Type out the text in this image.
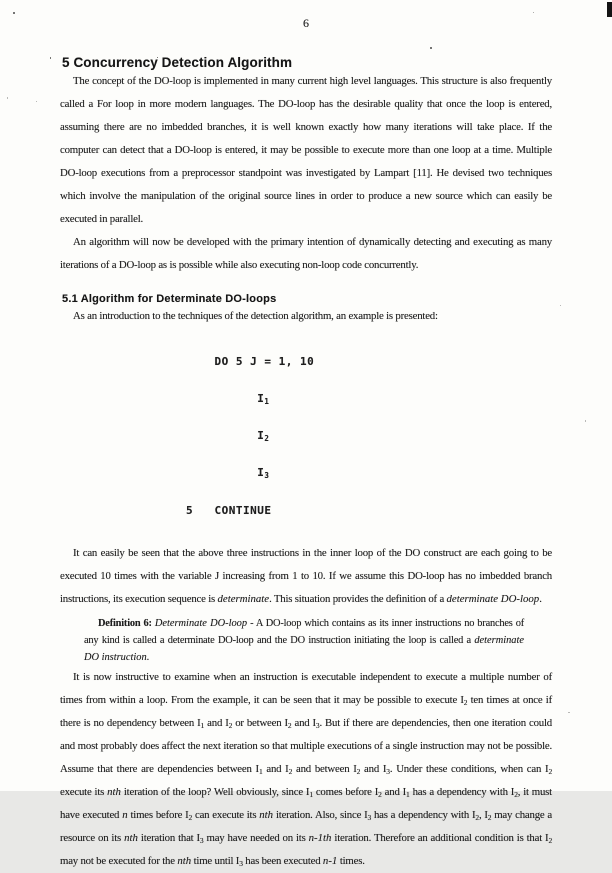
6
5 Concurrency Detection Algorithm

The concept of the DO-loop is implemented in many current high level languages. This structure is also frequently called a For loop in more modern languages. The DO-loop has the desirable quality that once the loop is entered, assuming there are no imbedded branches, it is well known exactly how many iterations will take place. If the computer can detect that a DO-loop is entered, it may be possible to execute more than one loop at a time. Multiple DO-loop executions from a preprocessor standpoint was investigated by Lampart [11]. He devised two techniques which involve the manipulation of the original source lines in order to produce a new source which can easily be executed in parallel.

An algorithm will now be developed with the primary intention of dynamically detecting and executing as many iterations of a DO-loop as is possible while also executing non-loop code concurrently.

5.1 Algorithm for Determinate DO-loops

As an introduction to the techniques of the detection algorithm, an example is presented:

DO 5 J = 1, 10

$I_1$

$I_2$

$I_3$

5   CONTINUE

It can easily be seen that the above three instructions in the inner loop of the DO construct are each going to be executed 10 times with the variable J increasing from 1 to 10. If we assume this DO-loop has no imbedded branch instructions, its execution sequence is determinate. This situation provides the definition of a determinate DO-loop.

Definition 6: Determinate DO-loop - A DO-loop which contains as its inner instructions no branches of any kind is called a determinate DO-loop and the DO instruction initiating the loop is called a determinate DO instruction.

It is now instructive to examine when an instruction is executable independent to execute a multiple number of times from within a loop. From the example, it can be seen that it may be possible to execute $I_2$ ten times at once if there is no dependency between $I_1$ and $I_2$ or between $I_2$ and $I_3$. But if there are dependencies, then one iteration could and most probably does affect the next iteration so that multiple executions of a single instruction may not be possible. Assume that there are dependencies between $I_1$ and $I_2$ and between $I_2$ and $I_3$. Under these conditions, when can $I_2$ execute its nth iteration of the loop? Well obviously, since $I_1$ comes before $I_2$ and $I_1$ has a dependency with $I_2$, it must have executed n times before $I_2$ can execute its nth iteration. Also, since $I_3$ has a dependency with $I_2$, $I_2$ may change a resource on its nth iteration that $I_3$ may have needed on its n-1th iteration. Therefore an additional condition is that $I_2$ may not be executed for the nth time until $I_3$ has been executed n-1 times.
